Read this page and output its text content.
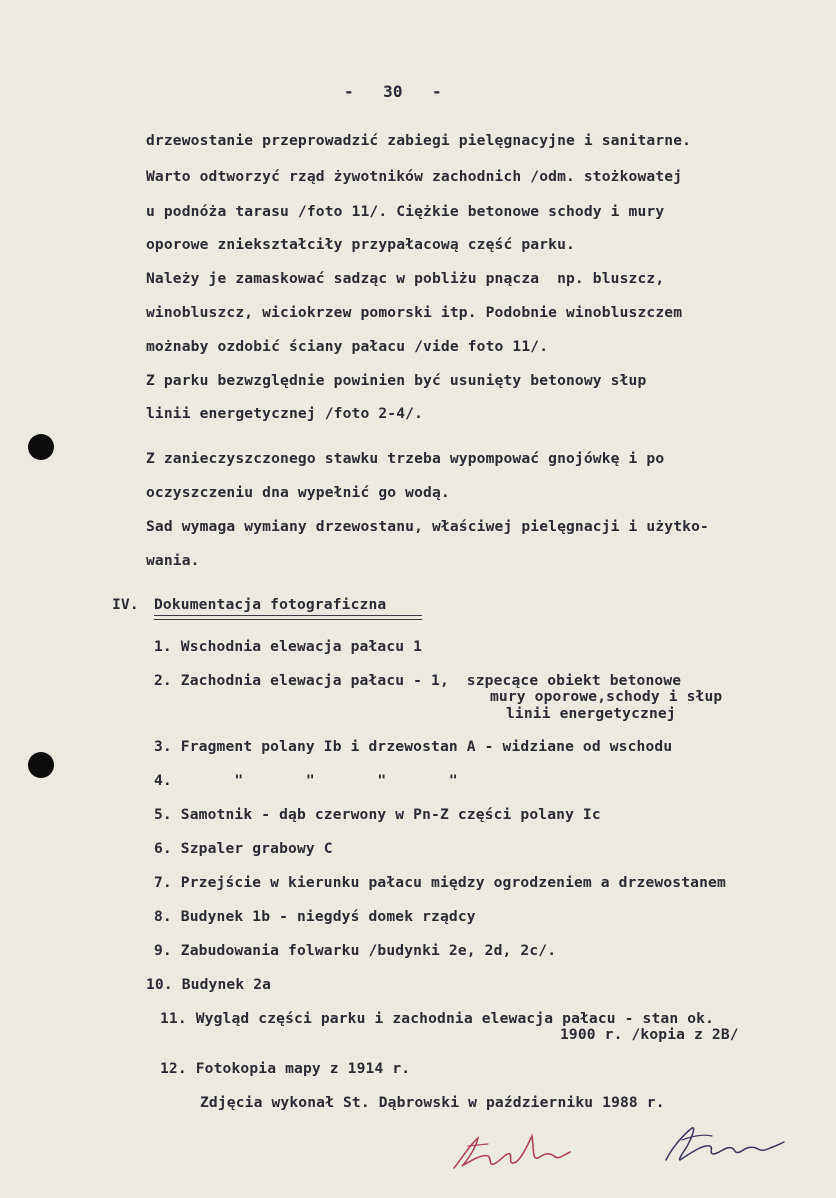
-   30   -
drzewostanie przeprowadzić zabiegi pielęgnacyjne i sanitarne.
Warto odtworzyć rząd żywotników zachodnich /odm. stożkowatej
u podnóża tarasu /foto 11/. Ciężkie betonowe schody i mury
oporowe zniekształciły przypałacową część parku.
Należy je zamaskować sadząc w pobliżu pnącza  np. bluszcz,
winobluszcz, wiciokrzew pomorski itp. Podobnie winobluszczem
możnaby ozdobić ściany pałacu /vide foto 11/.
Z parku bezwzględnie powinien być usunięty betonowy słup
linii energetycznej /foto 2-4/.
Z zanieczyszczonego stawku trzeba wypompować gnojówkę i po
oczyszczeniu dna wypełnić go wodą.
Sad wymaga wymiany drzewostanu, właściwej pielęgnacji i użytko-
wania.
IV. Dokumentacja fotograficzna
1. Wschodnia elewacja pałacu 1
2. Zachodnia elewacja pałacu - 1,  szpecące obiekt betonowe
mury oporowe,schody i słup
linii energetycznej
3. Fragment polany Ib i drzewostan A - widziane od wschodu
4.       "       "       "       "
5. Samotnik - dąb czerwony w Pn-Z części polany Ic
6. Szpaler grabowy C
7. Przejście w kierunku pałacu między ogrodzeniem a drzewostanem
8. Budynek 1b - niegdyś domek rządcy
9. Zabudowania folwarku /budynki 2e, 2d, 2c/.
10. Budynek 2a
11. Wygląd części parku i zachodnia elewacja pałacu - stan ok.
1900 r. /kopia z 2B/
12. Fotokopia mapy z 1914 r.
Zdjęcia wykonał St. Dąbrowski w październiku 1988 r.
